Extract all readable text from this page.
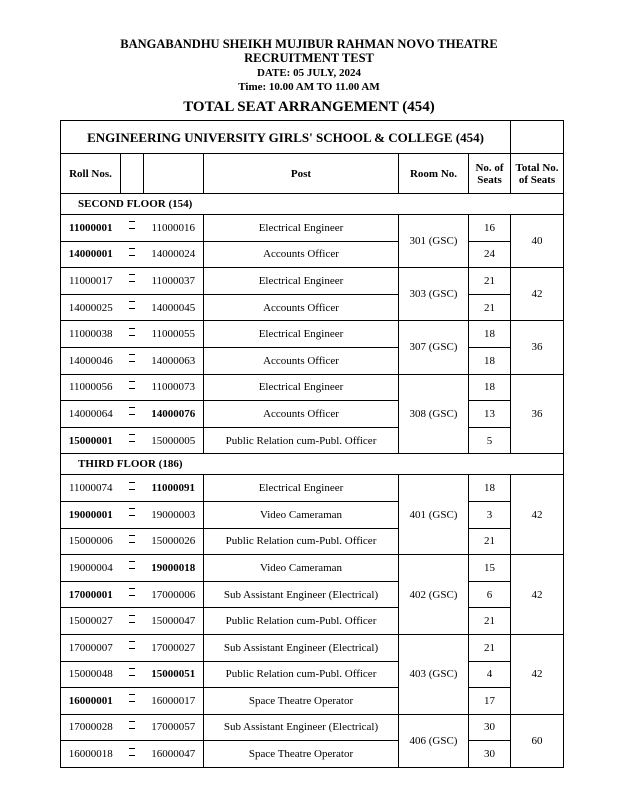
BANGABANDHU SHEIKH MUJIBUR RAHMAN NOVO THEATRE
RECRUITMENT TEST
DATE: 05 JULY, 2024
Time: 10.00 AM TO 11.00 AM
TOTAL SEAT ARRANGEMENT (454)
ENGINEERING UNIVERSITY GIRLS' SCHOOL & COLLEGE (454)						
Roll Nos.			Post	Room No.	No. of Seats	Total No. of Seats
SECOND FLOOR (154)						
11000001		11000016	Electrical Engineer	301 (GSC)	16	40
14000001		14000024	Accounts Officer		24	
11000017		11000037	Electrical Engineer	303 (GSC)	21	42
14000025		14000045	Accounts Officer		21	
11000038		11000055	Electrical Engineer	307 (GSC)	18	36
14000046		14000063	Accounts Officer		18	
11000056		11000073	Electrical Engineer	308 (GSC)	18	36
14000064		14000076	Accounts Officer		13	
15000001		15000005	Public Relation cum-Publ. Officer		5	
THIRD FLOOR (186)						
11000074		11000091	Electrical Engineer	401 (GSC)	18	42
19000001		19000003	Video Cameraman		3	
15000006		15000026	Public Relation cum-Publ. Officer		21	
19000004		19000018	Video Cameraman	402 (GSC)	15	42
17000001		17000006	Sub Assistant Engineer (Electrical)		6	
15000027		15000047	Public Relation cum-Publ. Officer		21	
17000007		17000027	Sub Assistant Engineer (Electrical)	403 (GSC)	21	42
15000048		15000051	Public Relation cum-Publ. Officer		4	
16000001		16000017	Space Theatre Operator		17	
17000028		17000057	Sub Assistant Engineer (Electrical)	406 (GSC)	30	60
16000018		16000047	Space Theatre Operator		30	
